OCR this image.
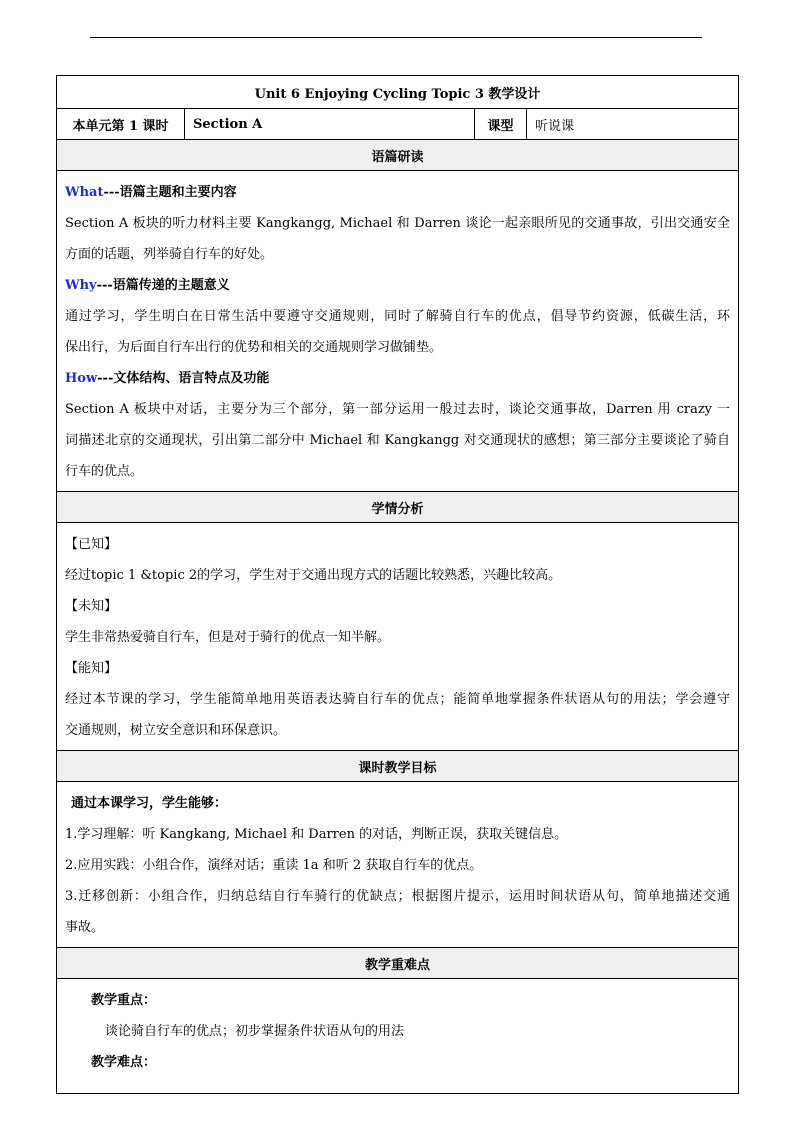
Unit 6 Enjoying Cycling Topic 3 教学设计
本单元第 1 课时	Section A	课型	听说课
语篇研读

What---语篇主题和主要内容
Section A 板块的听力材料主要 Kangkangg, Michael 和 Darren 谈论一起亲眼所见的交通事故，引出交通安全
方面的话题，列举骑自行车的好处。
Why---语篇传递的主题意义
通过学习，学生明白在日常生活中要遵守交通规则，同时了解骑自行车的优点，倡导节约资源，低碳生活，环
保出行，为后面自行车出行的优势和相关的交通规则学习做铺垫。
How---文体结构、语言特点及功能
Section A 板块中对话，主要分为三个部分，第一部分运用一般过去时，谈论交通事故，Darren 用 crazy 一
词描述北京的交通现状，引出第二部分中 Michael 和 Kangkangg 对交通现状的感想；第三部分主要谈论了骑自
行车的优点。

学情分析

【已知】
经过topic 1 &topic 2的学习，学生对于交通出现方式的话题比较熟悉，兴趣比较高。
【未知】
学生非常热爱骑自行车，但是对于骑行的优点一知半解。
【能知】
经过本节课的学习，学生能简单地用英语表达骑自行车的优点；能简单地掌握条件状语从句的用法；学会遵守
交通规则，树立安全意识和环保意识。

课时教学目标

通过本课学习，学生能够：
1.学习理解：听 Kangkang, Michael 和 Darren 的对话，判断正误，获取关键信息。
2.应用实践：小组合作，演绎对话；重读 1a 和听 2 获取自行车的优点。
3.迁移创新：小组合作，归纳总结自行车骑行的优缺点；根据图片提示，运用时间状语从句，简单地描述交通
事故。

教学重难点

教学重点：
谈论骑自行车的优点；初步掌握条件状语从句的用法
教学难点：
